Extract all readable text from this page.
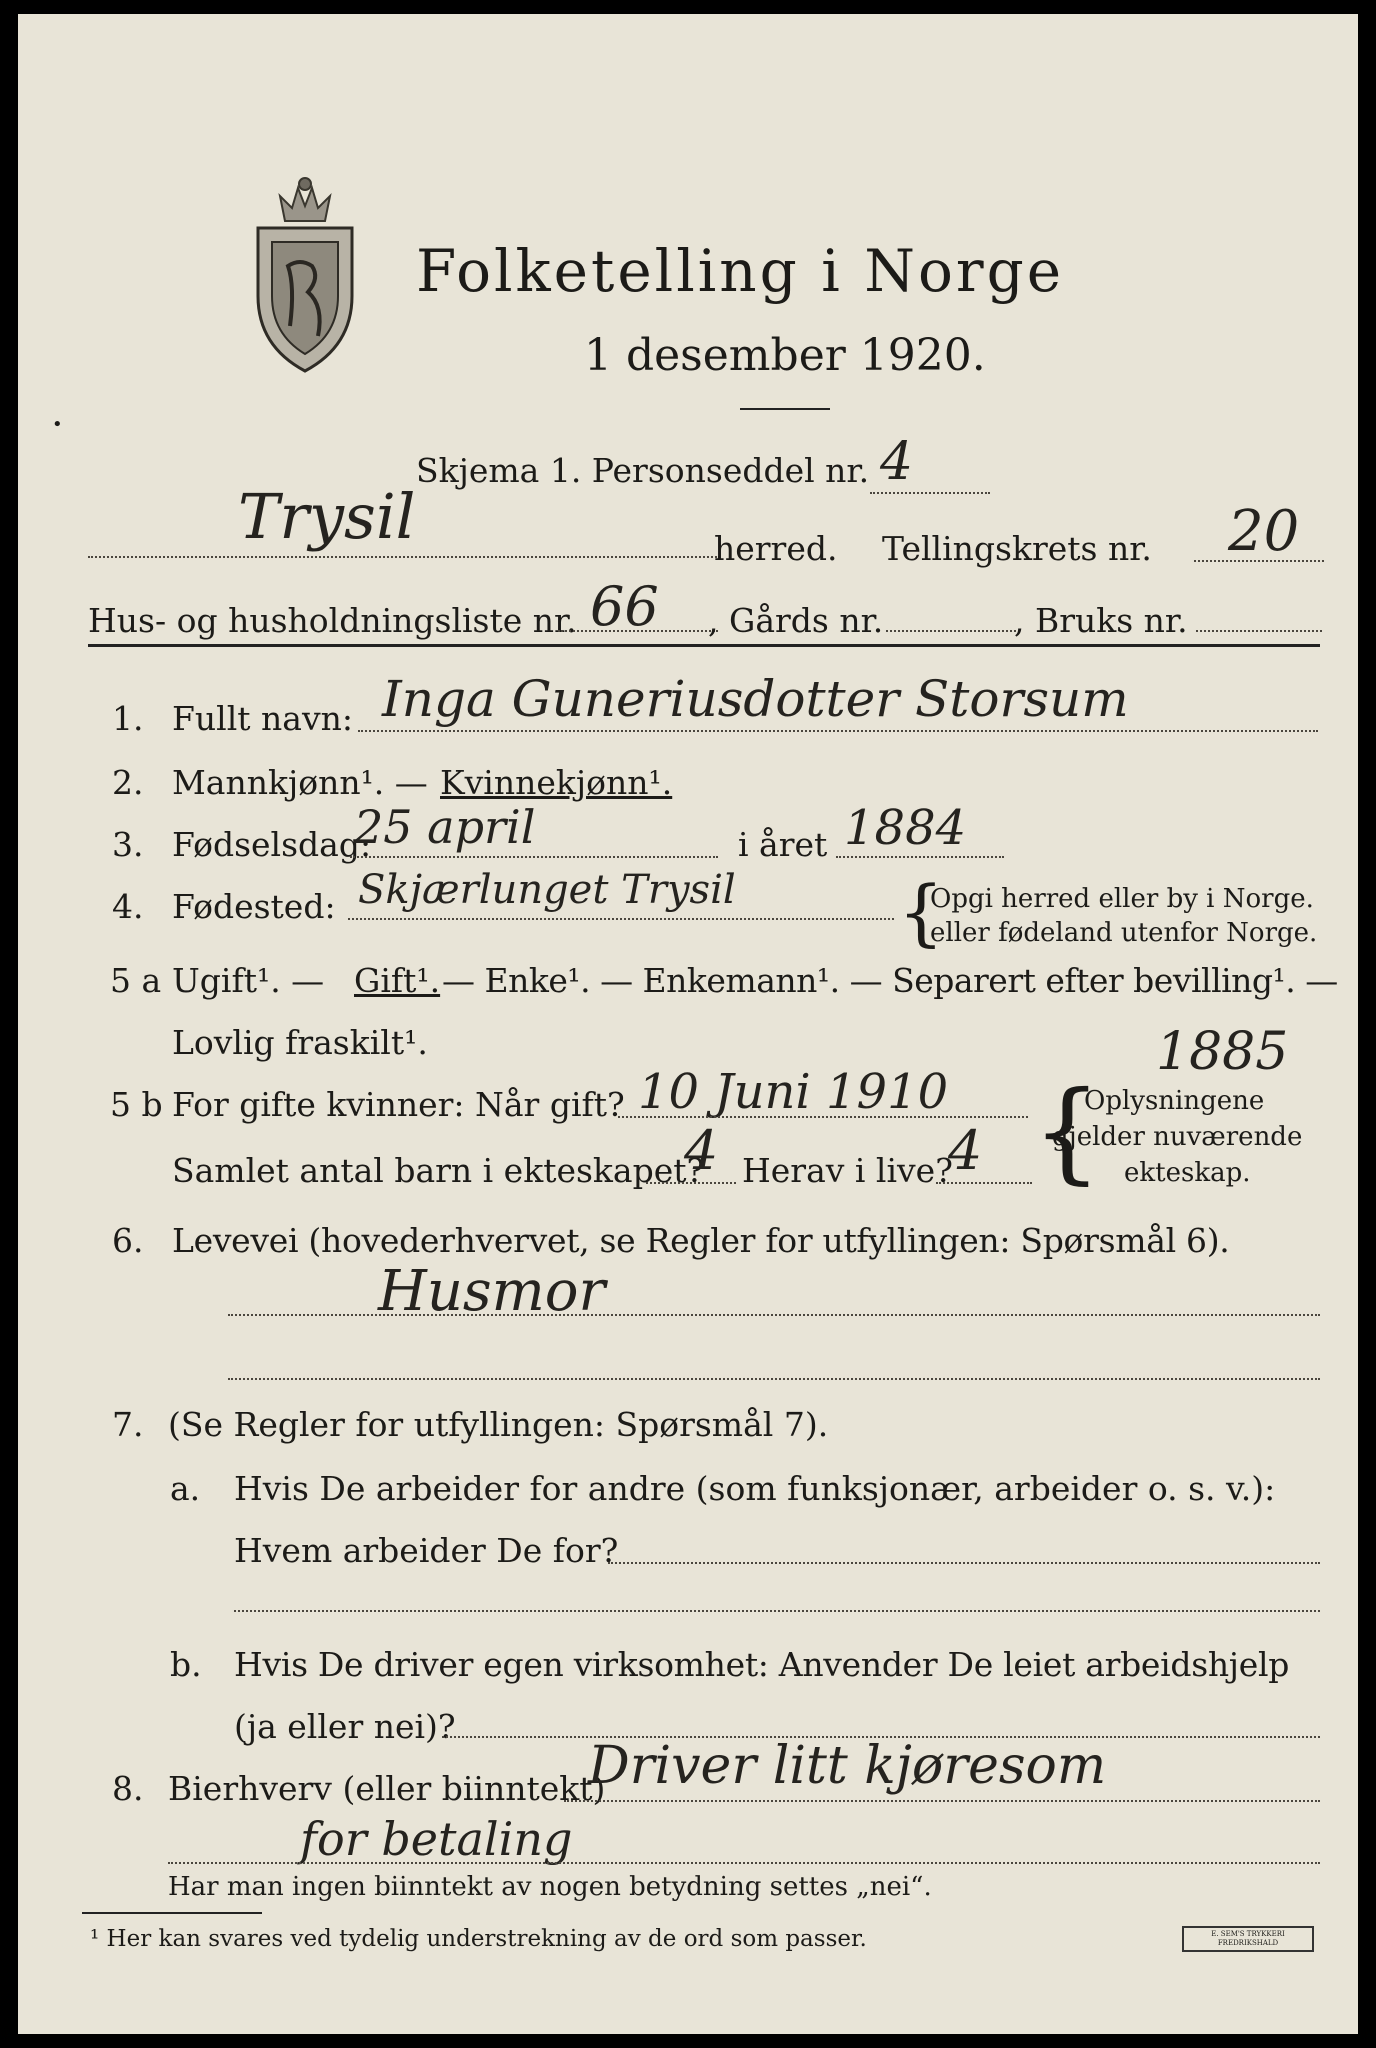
Folketelling i Norge
1 desember 1920.
•
Skjema 1. Personseddel nr. 4
Trysil	herred. Tellingskrets nr. 20
Hus- og husholdningsliste nr. 66 , Gårds nr.	, Bruks nr.
1. Fullt navn: Inga Guneriusdotter Storsum
2. Mannkjønn¹. — Kvinnekjønn¹.
3. Fødselsdag:
25 april	i året 1884
4. Fødested: Skjærlunget Trysil {
Opgi herred eller by i Norge.
eller fødeland utenfor Norge.
5 a Ugift¹. — Gift¹. — Enke¹. — Enkemann¹. — Separert efter bevilling¹. —
Lovlig fraskilt¹.	1885
5 b For gifte kvinner: Når gift? 10 Juni 1910
Samlet antal barn i ekteskapet?
4 Herav i live?
4 {
Oplysningene
gjelder nuværende
ekteskap.
6. Levevei (hovederhvervet, se Regler for utfyllingen: Spørsmål 6).
Husmor
7. (Se Regler for utfyllingen: Spørsmål 7).
a. Hvis De arbeider for andre (som funksjonær, arbeider o. s. v.):
Hvem arbeider De for?
b. Hvis De driver egen virksomhet: Anvender De leiet arbeidshjelp
(ja eller nei)?
8. Bierhverv (eller biinntekt)
Driver litt kjøresom
for betaling
Har man ingen biinntekt av nogen betydning settes „nei“.
¹ Her kan svares ved tydelig understrekning av de ord som passer.	E. SEM'S TRYKKERI FREDRIKSHALD
